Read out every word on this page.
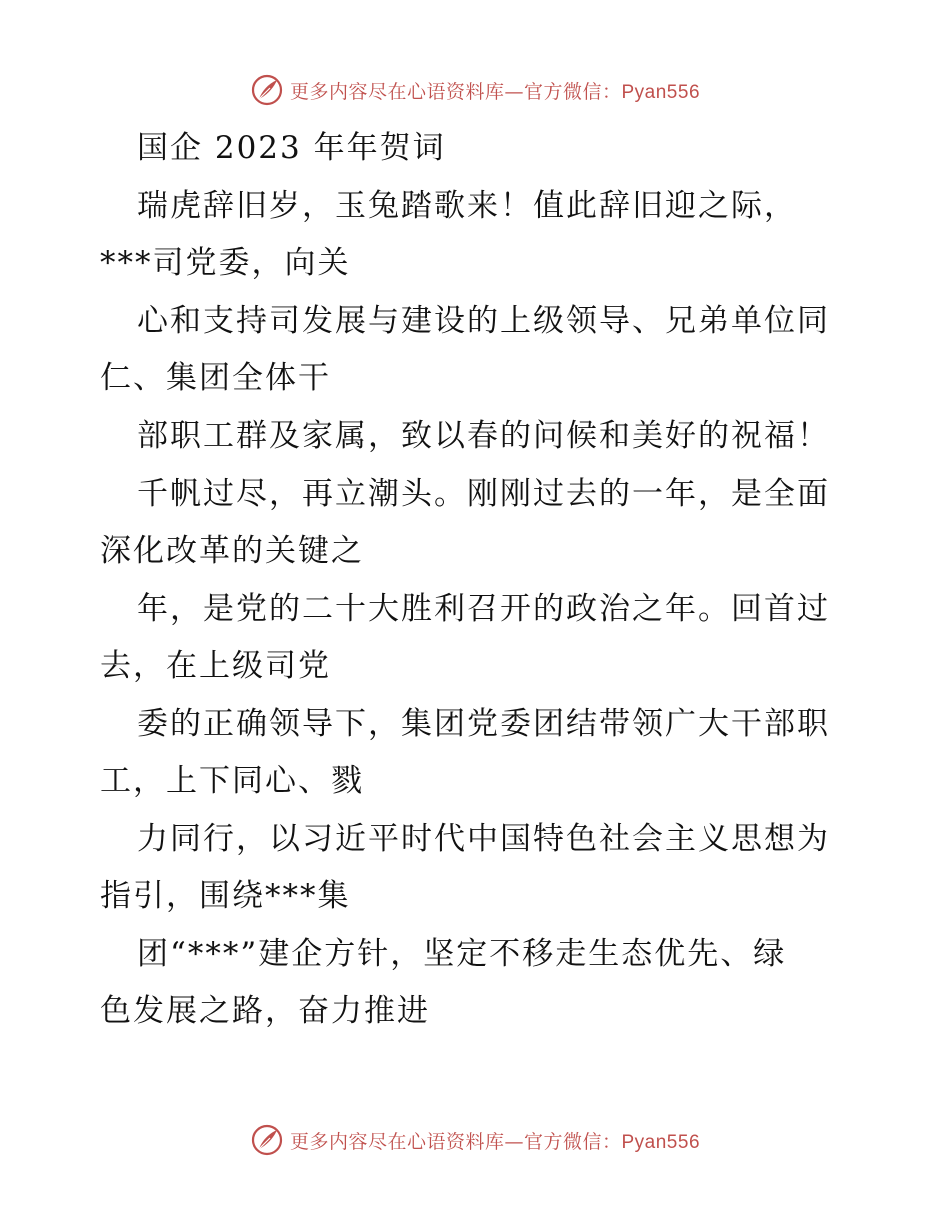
更多内容尽在心语资料库—官方微信：Pyan556
国企 2023 年年贺词
瑞虎辞旧岁，玉兔踏歌来！值此辞旧迎之际，
***司党委，向关
心和支持司发展与建设的上级领导、兄弟单位同
仁、集团全体干
部职工群及家属，致以春的问候和美好的祝福！
千帆过尽，再立潮头。刚刚过去的一年，是全面
深化改革的关键之
年，是党的二十大胜利召开的政治之年。回首过
去，在上级司党
委的正确领导下，集团党委团结带领广大干部职
工，上下同心、戮
力同行，以习近平时代中国特色社会主义思想为
指引，围绕***集
团“***”建企方针，坚定不移走生态优先、绿
色发展之路，奋力推进
更多内容尽在心语资料库—官方微信：Pyan556
